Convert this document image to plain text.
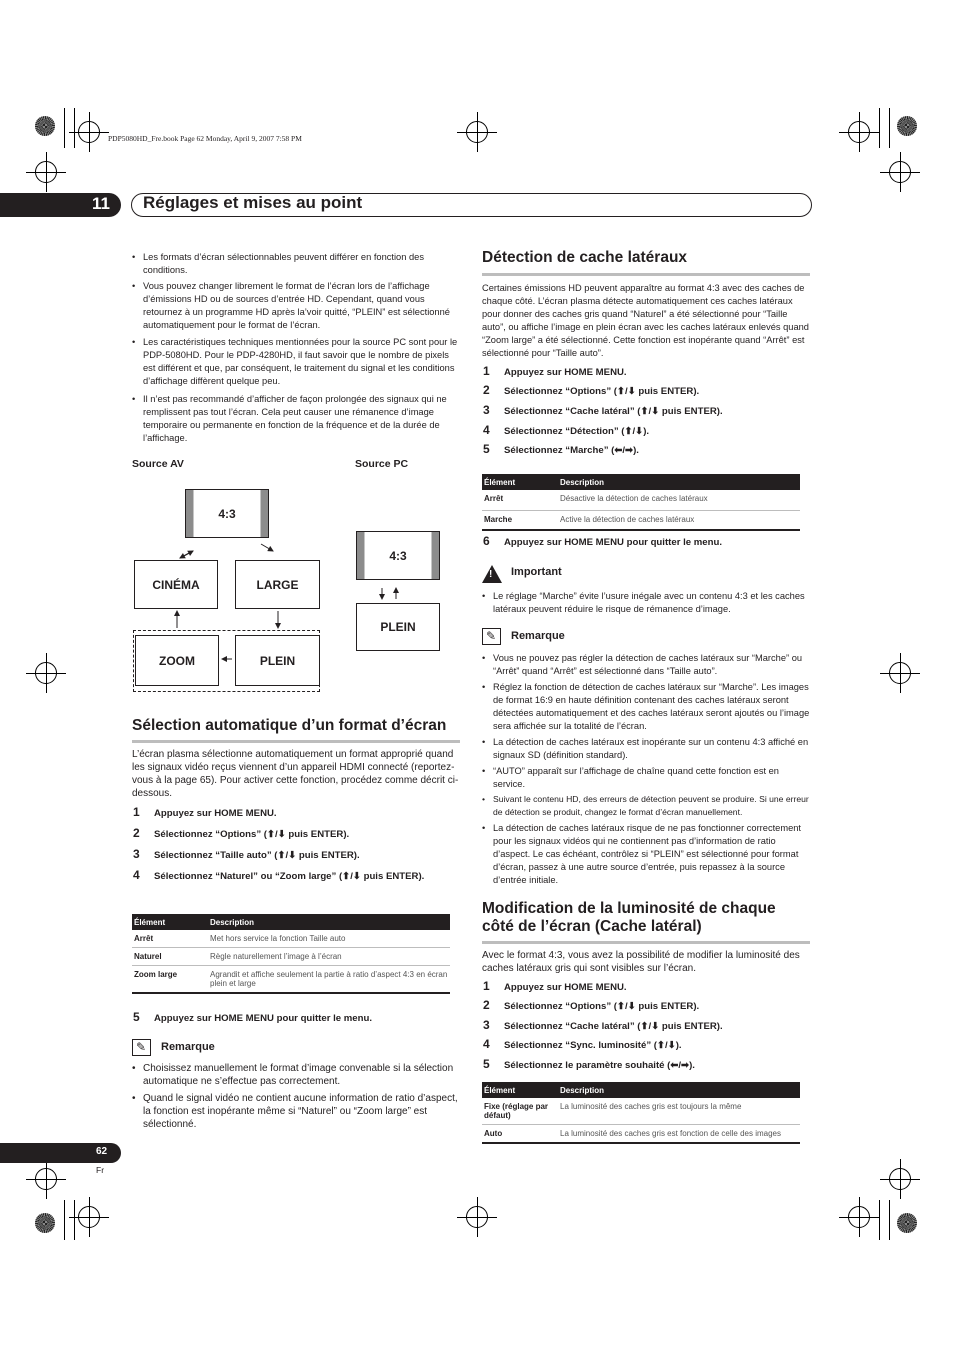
PDP5080HD_Fre.book Page 62 Monday, April 9, 2007 7:58 PM
11 Réglages et mises au point
• Les formats d’écran sélectionnables peuvent différer en fonction des conditions.
• Vous pouvez changer librement le format de l’écran lors de l’affichage d’émissions HD ou de sources d’entrée HD. Cependant, quand vous retournez à un programme HD après la’voir quitté, “PLEIN” est sélectionné automatiquement pour le format de l’écran.
• Les caractéristiques techniques mentionnées pour la source PC sont pour le PDP-5080HD. Pour le PDP-4280HD, il faut savoir que le nombre de pixels est différent et que, par conséquent, le traitement du signal et les conditions d’affichage diffèrent quelque peu.
• Il n’est pas recommandé d’afficher de façon prolongée des signaux qui ne remplissent pas tout l’écran. Cela peut causer une rémanence d’image temporaire ou permanente en fonction de la fréquence et de la durée de l’affichage.
Source AV	Source PC
4:3
CINÉMA	LARGE
ZOOM	PLEIN
4:3
PLEIN
Sélection automatique d’un format d’écran
L’écran plasma sélectionne automatiquement un format approprié quand les signaux vidéo reçus viennent d’un appareil HDMI connecté (reportez-vous à la page 65). Pour activer cette fonction, procédez comme décrit ci-dessous.
1 Appuyez sur HOME MENU.
2 Sélectionnez “Options” (⬆/⬇ puis ENTER).
3 Sélectionnez “Taille auto” (⬆/⬇ puis ENTER).
4 Sélectionnez “Naturel” ou “Zoom large” (⬆/⬇ puis ENTER).
Élément	Description
Arrêt	Met hors service la fonction Taille auto
Naturel	Règle naturellement l’image à l’écran
Zoom large	Agrandit et affiche seulement la partie à ratio d’aspect 4:3 en écran plein et large
5 Appuyez sur HOME MENU pour quitter le menu.
✎ Remarque
• Choisissez manuellement le format d’image convenable si la sélection automatique ne s’effectue pas correctement.
• Quand le signal vidéo ne contient aucune information de ratio d’aspect, la fonction est inopérante même si “Naturel” ou “Zoom large” est sélectionné.
Détection de cache latéraux
Certaines émissions HD peuvent apparaître au format 4:3 avec des caches de chaque côté. L’écran plasma détecte automatiquement ces caches latéraux pour donner des caches gris quand “Naturel” a été sélectionné pour “Taille auto”, ou affiche l’image en plein écran avec les caches latéraux enlevés quand “Zoom large” a été sélectionné. Cette fonction est inopérante quand “Arrêt” est sélectionné pour “Taille auto”.
1 Appuyez sur HOME MENU.
2 Sélectionnez “Options” (⬆/⬇ puis ENTER).
3 Sélectionnez “Cache latéral” (⬆/⬇ puis ENTER).
4 Sélectionnez “Détection” (⬆/⬇).
5 Sélectionnez “Marche” (⬅/➡).
Élément	Description
Arrêt	Désactive la détection de caches latéraux
Marche	Active la détection de caches latéraux
6 Appuyez sur HOME MENU pour quitter le menu.
! Important
• Le réglage “Marche” évite l’usure inégale avec un contenu 4:3 et les caches latéraux peuvent réduire le risque de rémanence d’image.
✎ Remarque
• Vous ne pouvez pas régler la détection de caches latéraux sur “Marche” ou “Arrêt” quand “Arrêt” est sélectionné dans “Taille auto”.
• Réglez la fonction de détection de caches latéraux sur “Marche”. Les images de format 16:9 en haute définition contenant des caches latéraux seront détectées automatiquement et des caches latéraux seront ajoutés ou l’image sera affichée sur la totalité de l’écran.
• La détection de caches latéraux est inopérante sur un contenu 4:3 affiché en signaux SD (définition standard).
• “AUTO” apparaît sur l’affichage de chaîne quand cette fonction est en service.
• Suivant le contenu HD, des erreurs de détection peuvent se produire. Si une erreur de détection se produit, changez le format d’écran manuellement.
• La détection de caches latéraux risque de ne pas fonctionner correctement pour les signaux vidéos qui ne contiennent pas d’information de ratio d’aspect. Le cas échéant, contrôlez si “PLEIN” est sélectionné pour format d’écran, passez à une autre source d’entrée, puis repassez à la source d’entrée initiale.
Modification de la luminosité de chaque côté de l’écran (Cache latéral)
Avec le format 4:3, vous avez la possibilité de modifier la luminosité des caches latéraux gris qui sont visibles sur l’écran.
1 Appuyez sur HOME MENU.
2 Sélectionnez “Options” (⬆/⬇ puis ENTER).
3 Sélectionnez “Cache latéral” (⬆/⬇ puis ENTER).
4 Sélectionnez “Sync. luminosité” (⬆/⬇).
5 Sélectionnez le paramètre souhaité (⬅/➡).
Élément	Description
Fixe (réglage par défaut)	La luminosité des caches gris est toujours la même
Auto	La luminosité des caches gris est fonction de celle des images
62
Fr
